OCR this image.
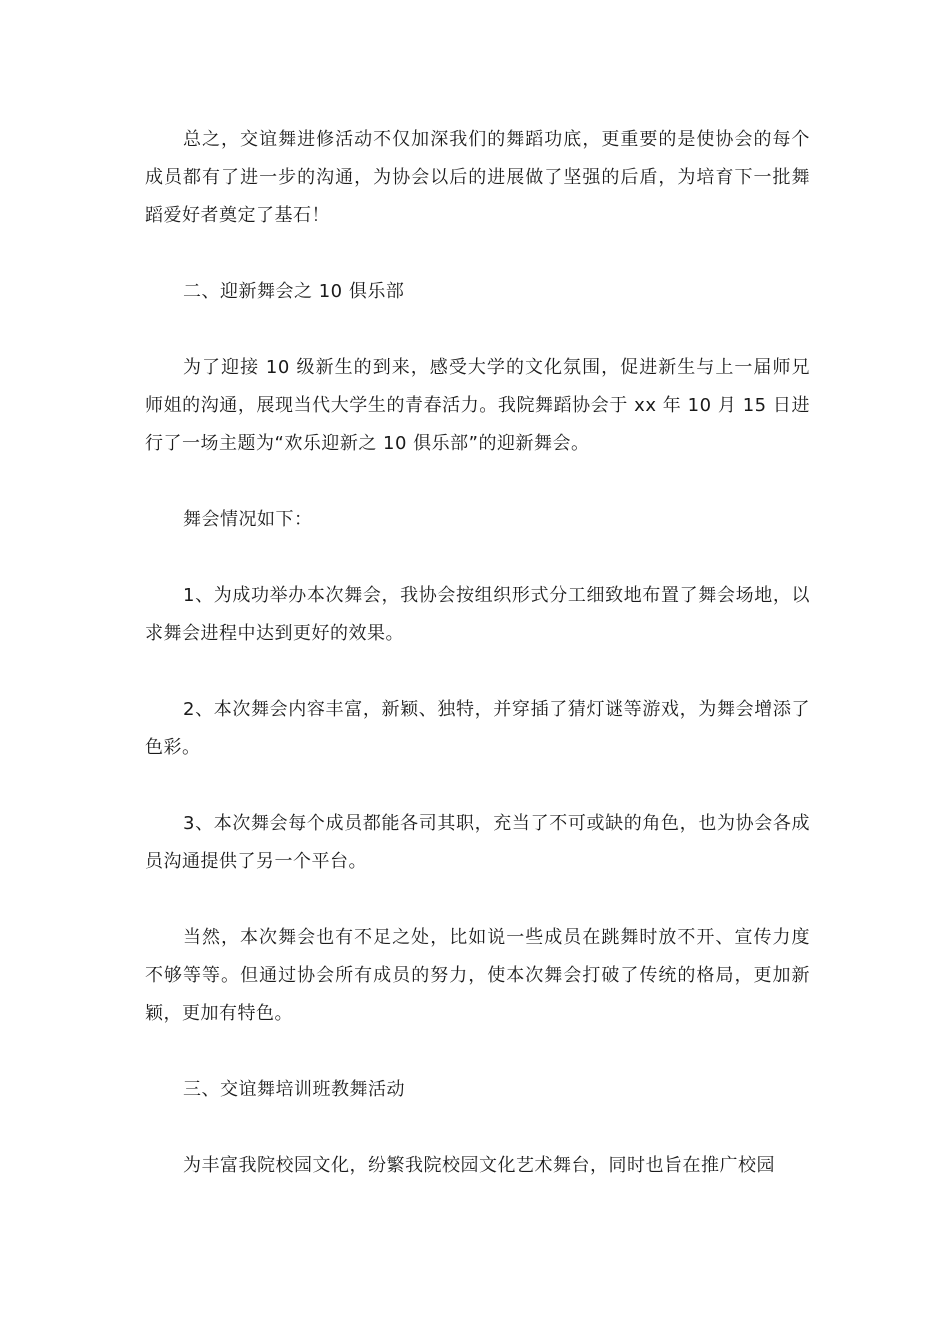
总之，交谊舞进修活动不仅加深我们的舞蹈功底，更重要的是使协会的每个成员都有了进一步的沟通，为协会以后的进展做了坚强的后盾，为培育下一批舞蹈爱好者奠定了基石！

二、迎新舞会之 10 俱乐部

为了迎接 10 级新生的到来，感受大学的文化氛围，促进新生与上一届师兄师姐的沟通，展现当代大学生的青春活力。我院舞蹈协会于 xx 年 10 月 15 日进行了一场主题为“欢乐迎新之 10 俱乐部”的迎新舞会。

舞会情况如下：

1、为成功举办本次舞会，我协会按组织形式分工细致地布置了舞会场地，以求舞会进程中达到更好的效果。

2、本次舞会内容丰富，新颖、独特，并穿插了猜灯谜等游戏，为舞会增添了色彩。

3、本次舞会每个成员都能各司其职，充当了不可或缺的角色，也为协会各成员沟通提供了另一个平台。

当然，本次舞会也有不足之处，比如说一些成员在跳舞时放不开、宣传力度不够等等。但通过协会所有成员的努力，使本次舞会打破了传统的格局，更加新颖，更加有特色。

三、交谊舞培训班教舞活动

为丰富我院校园文化，纷繁我院校园文化艺术舞台，同时也旨在推广校园
